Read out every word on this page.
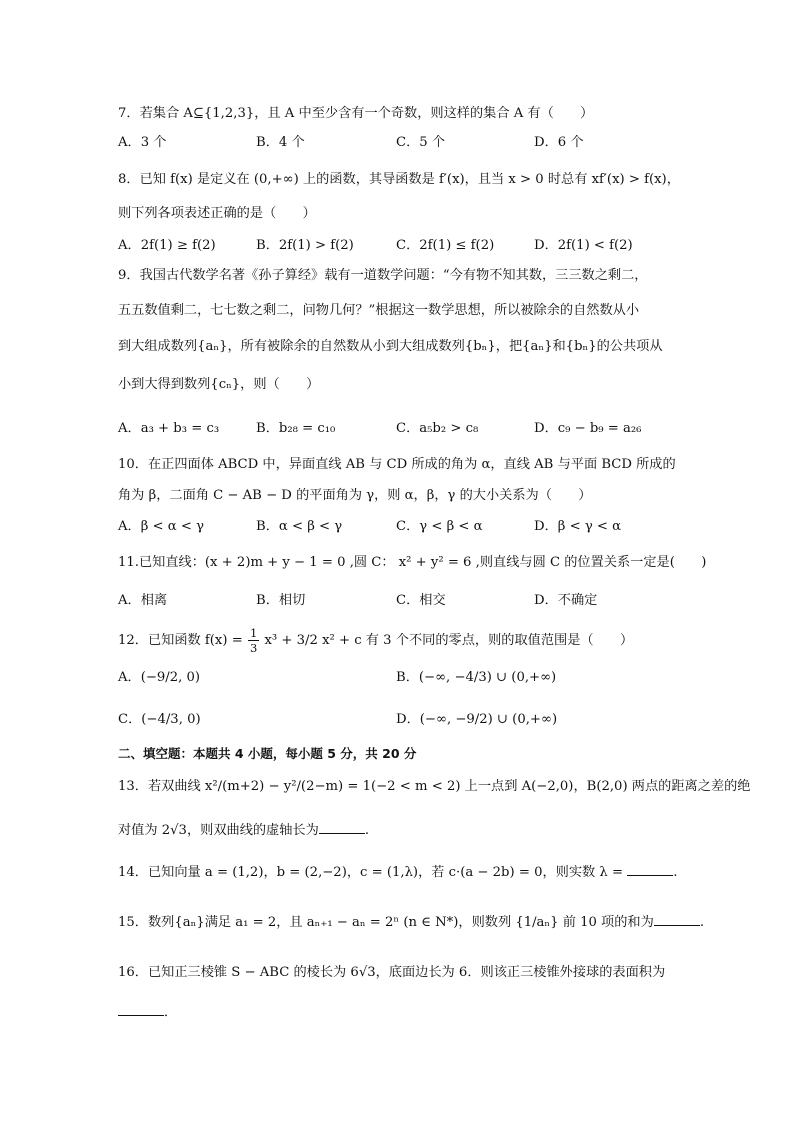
7．若集合 A⊆{1,2,3}，且 A 中至少含有一个奇数，则这样的集合 A 有（　　）
A．3 个	B．4 个	C．5 个	D．6 个
8．已知 f(x) 是定义在 (0,+∞) 上的函数，其导函数是 f′(x)，且当 x > 0 时总有 xf′(x) > f(x)，
则下列各项表述正确的是（　　）
A．2f(1) ≥ f(2)	B．2f(1) > f(2)	C．2f(1) ≤ f(2)	D．2f(1) < f(2)
9．我国古代数学名著《孙子算经》载有一道数学问题：“今有物不知其数，三三数之剩二，
五五数值剩二，七七数之剩二，问物几何？”根据这一数学思想，所以被除余的自然数从小
到大组成数列{aₙ}，所有被除余的自然数从小到大组成数列{bₙ}，把{aₙ}和{bₙ}的公共项从
小到大得到数列{cₙ}，则（　　）
A．a₃ + b₃ = c₃	B．b₂₈ = c₁₀	C．a₅b₂ > c₈	D．c₉ − b₉ = a₂₆
10．在正四面体 ABCD 中，异面直线 AB 与 CD 所成的角为 α，直线 AB 与平面 BCD 所成的
角为 β，二面角 C − AB − D 的平面角为 γ，则 α，β，γ 的大小关系为（　　）
A．β < α < γ	B．α < β < γ	C．γ < β < α	D．β < γ < α
11.已知直线：(x + 2)m + y − 1 = 0 ,圆 C： x² + y² = 6 ,则直线与圆 C 的位置关系一定是(　　)
A．相离	B．相切	C．相交	D．不确定
12．已知函数 $f(x) = \frac{1}{3} x^3 + 3/2$ x² + c 有 3 个不同的零点，则的取值范围是（　　）
A．(−9/2, 0)	B．(−∞, −4/3) ∪ (0,+∞)
C．(−4/3, 0)	D．(−∞, −9/2) ∪ (0,+∞)
二、填空题：本题共 4 小题，每小题 5 分，共 20 分
13．若双曲线 x²/(m+2) − y²/(2−m) = 1(−2 < m < 2) 上一点到 A(−2,0)，B(2,0) 两点的距离之差的绝
对值为 2√3，则双曲线的虚轴长为	.
14．已知向量 a = (1,2)，b = (2,−2)，c = (1,λ)，若 c·(a − 2b) = 0，则实数 λ =	.
15．数列{aₙ}满足 a₁ = 2，且 aₙ₊₁ − aₙ = 2ⁿ (n ∈ N*)，则数列 {1/aₙ} 前 10 项的和为	.
16．已知正三棱锥 S − ABC 的棱长为 6√3，底面边长为 6．则该正三棱锥外接球的表面积为
．
